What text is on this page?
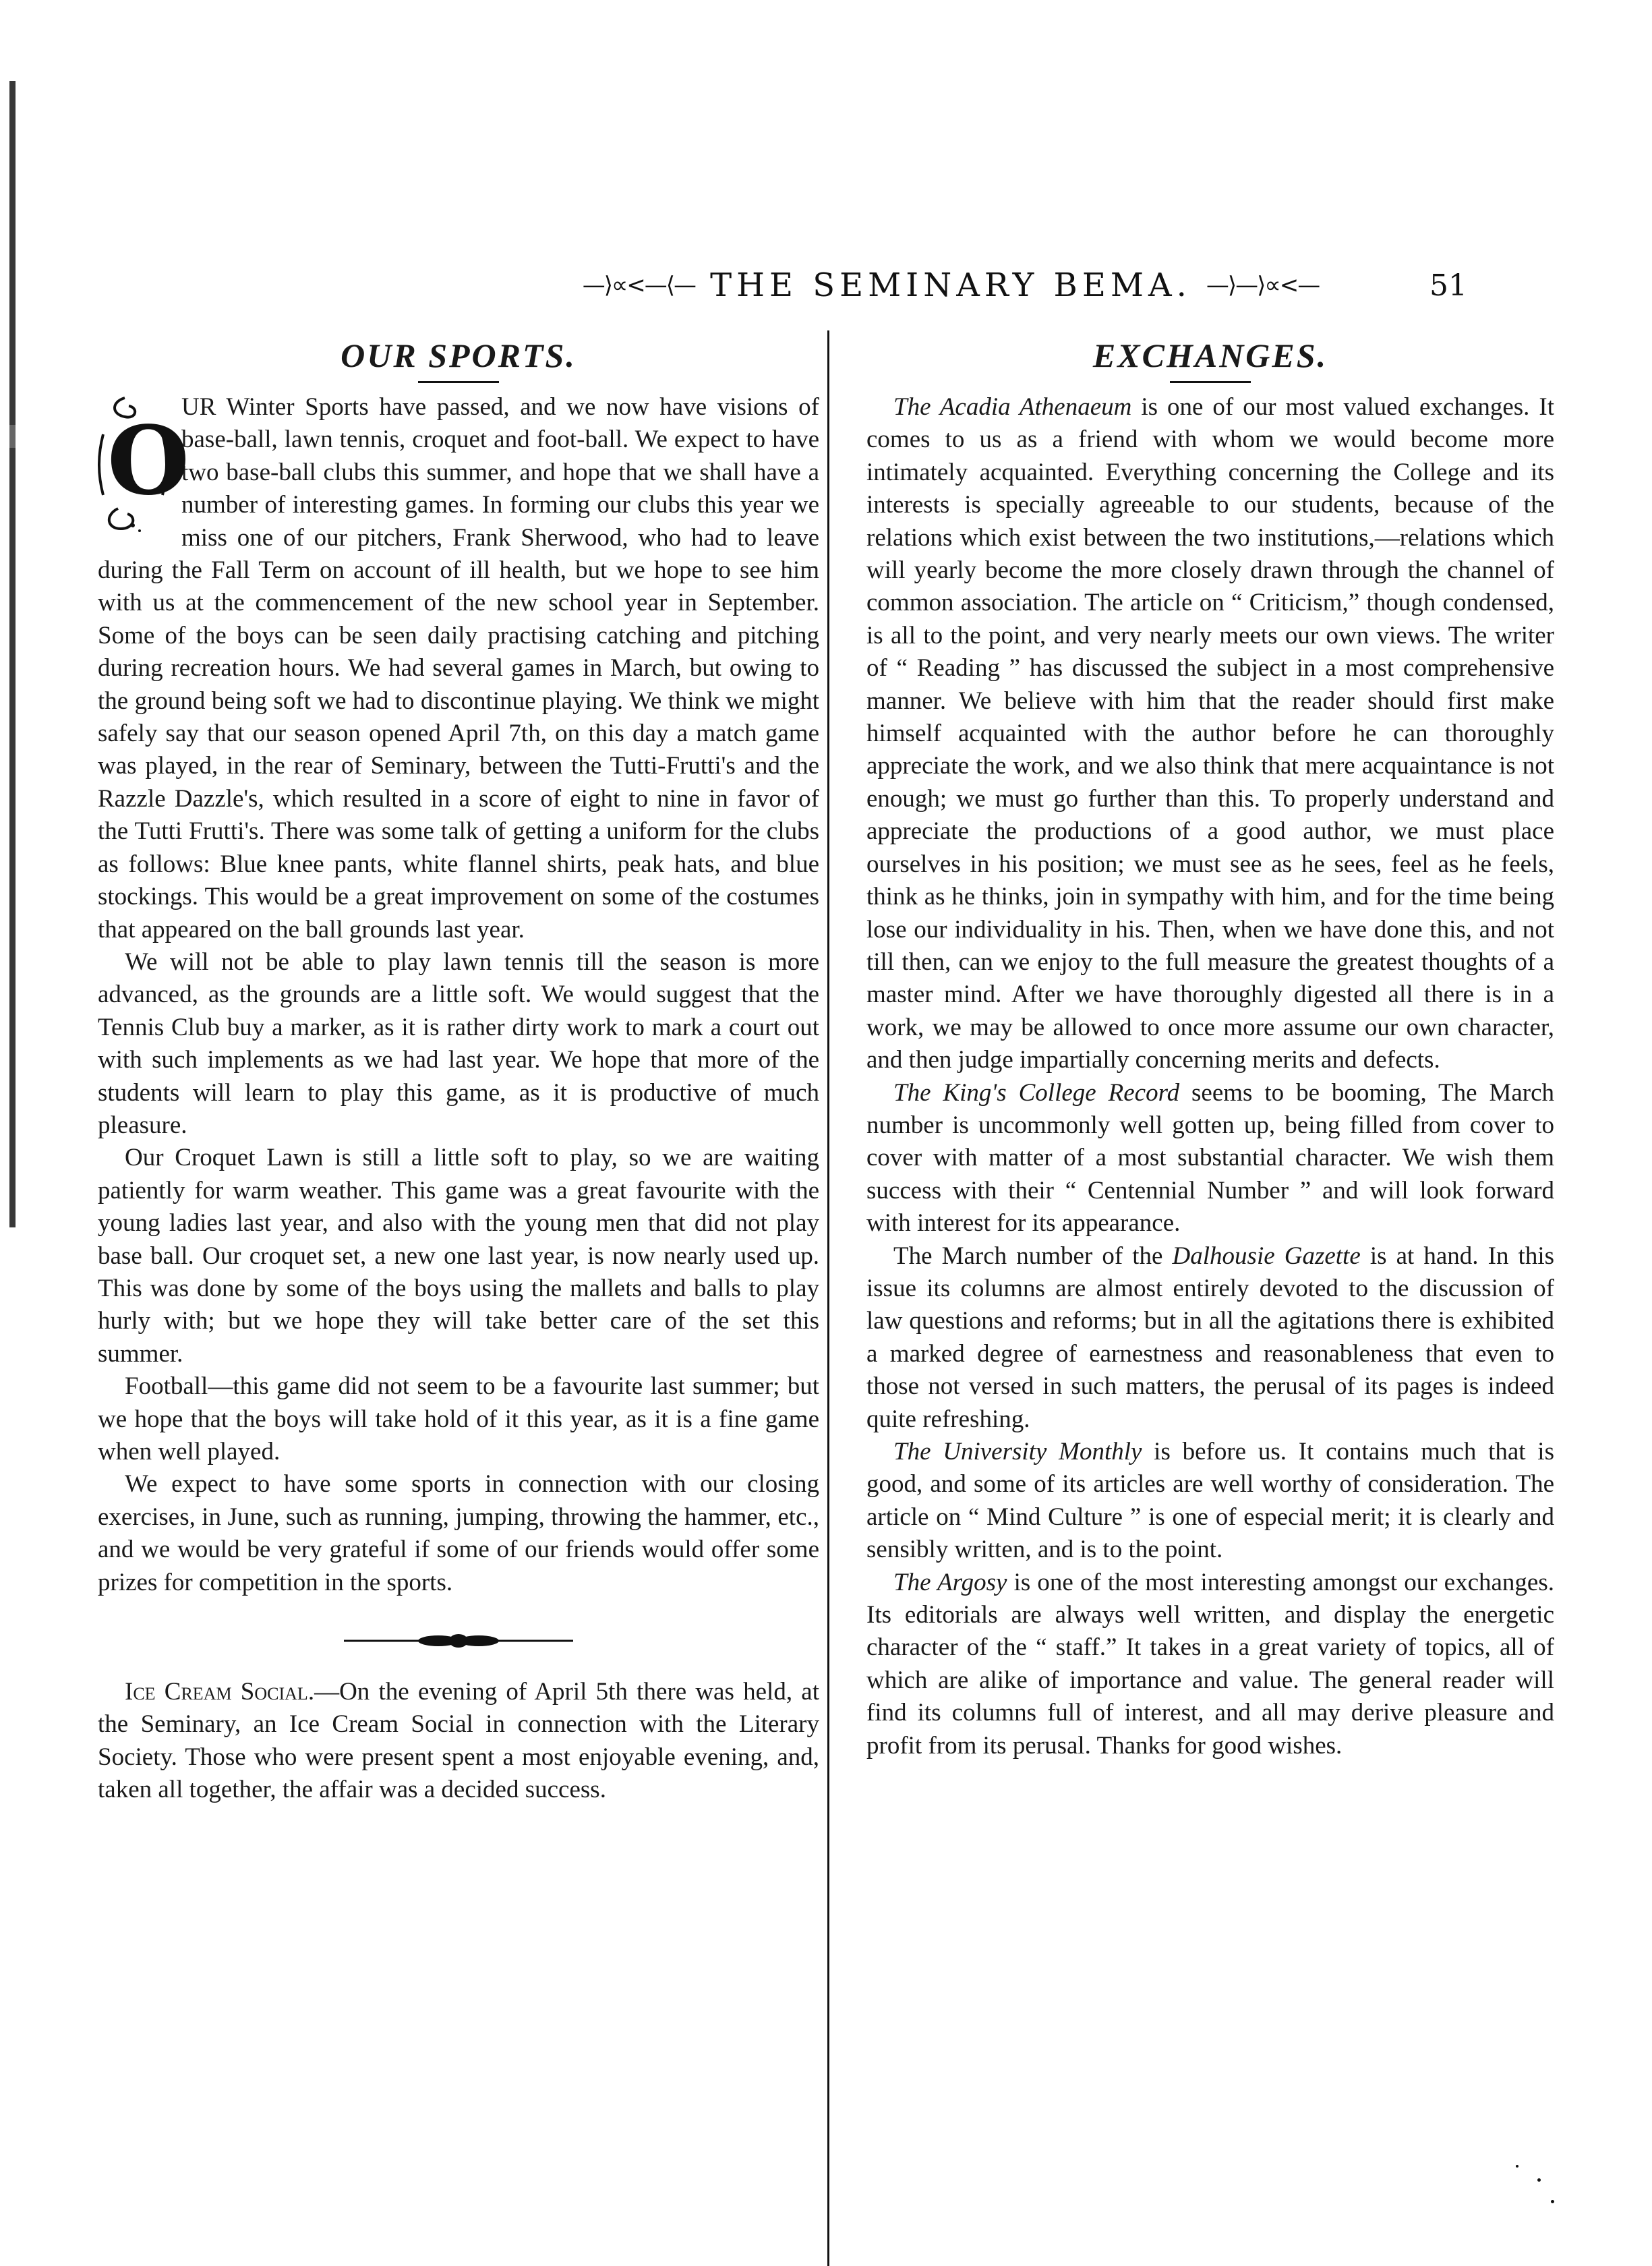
—⟩∝<—⟨— THE SEMINARY BEMA. —⟩—⟩∝<—	51
OUR SPORTS.
O

UR Winter Sports have passed, and we now have visions of base-ball, lawn tennis, croquet and foot-ball. We expect to have two base-ball clubs this summer, and hope that we shall have a number of interesting games. In forming our clubs this year we miss one of our pitchers, Frank Sherwood, who had to leave during the Fall Term on account of ill health, but we hope to see him with us at the commencement of the new school year in September. Some of the boys can be seen daily practising catching and pitching during recreation hours. We had several games in March, but owing to the ground being soft we had to discontinue playing. We think we might safely say that our season opened April 7th, on this day a match game was played, in the rear of Seminary, between the Tutti-Frutti's and the Razzle Dazzle's, which resulted in a score of eight to nine in favor of the Tutti Frutti's. There was some talk of getting a uniform for the clubs as follows: Blue knee pants, white flannel shirts, peak hats, and blue stockings. This would be a great improvement on some of the costumes that appeared on the ball grounds last year.

We will not be able to play lawn tennis till the season is more advanced, as the grounds are a little soft. We would suggest that the Tennis Club buy a marker, as it is rather dirty work to mark a court out with such implements as we had last year. We hope that more of the students will learn to play this game, as it is productive of much pleasure.

Our Croquet Lawn is still a little soft to play, so we are waiting patiently for warm weather. This game was a great favourite with the young ladies last year, and also with the young men that did not play base ball. Our croquet set, a new one last year, is now nearly used up. This was done by some of the boys using the mallets and balls to play hurly with; but we hope they will take better care of the set this summer.

Football—this game did not seem to be a favourite last summer; but we hope that the boys will take hold of it this year, as it is a fine game when well played.

We expect to have some sports in connection with our closing exercises, in June, such as running, jumping, throwing the hammer, etc., and we would be very grateful if some of our friends would offer some prizes for competition in the sports.

Ice Cream Social.—On the evening of April 5th there was held, at the Seminary, an Ice Cream Social in connection with the Literary Society. Those who were present spent a most enjoyable evening, and, taken all together, the affair was a decided success.

EXCHANGES.

The Acadia Athenaeum is one of our most valued exchanges. It comes to us as a friend with whom we would become more intimately acquainted. Everything concerning the College and its interests is specially agreeable to our students, because of the relations which exist between the two institutions,—relations which will yearly become the more closely drawn through the channel of common association. The article on “ Criticism,” though condensed, is all to the point, and very nearly meets our own views. The writer of “ Reading ” has discussed the subject in a most comprehensive manner. We believe with him that the reader should first make himself acquainted with the author before he can thoroughly appreciate the work, and we also think that mere acquaintance is not enough; we must go further than this. To properly understand and appreciate the productions of a good author, we must place ourselves in his position; we must see as he sees, feel as he feels, think as he thinks, join in sympathy with him, and for the time being lose our individuality in his. Then, when we have done this, and not till then, can we enjoy to the full measure the greatest thoughts of a master mind. After we have thoroughly digested all there is in a work, we may be allowed to once more assume our own character, and then judge impartially concerning merits and defects.

The King's College Record seems to be booming, The March number is uncommonly well gotten up, being filled from cover to cover with matter of a most substantial character. We wish them success with their “ Centennial Number ” and will look forward with interest for its appearance.

The March number of the Dalhousie Gazette is at hand. In this issue its columns are almost entirely devoted to the discussion of law questions and reforms; but in all the agitations there is exhibited a marked degree of earnestness and reasonableness that even to those not versed in such matters, the perusal of its pages is indeed quite refreshing.

The University Monthly is before us. It contains much that is good, and some of its articles are well worthy of consideration. The article on “ Mind Culture ” is one of especial merit; it is clearly and sensibly written, and is to the point.

The Argosy is one of the most interesting amongst our exchanges. Its editorials are always well written, and display the energetic character of the “ staff.” It takes in a great variety of topics, all of which are alike of importance and value. The general reader will find its columns full of interest, and all may derive pleasure and profit from its perusal. Thanks for good wishes.
